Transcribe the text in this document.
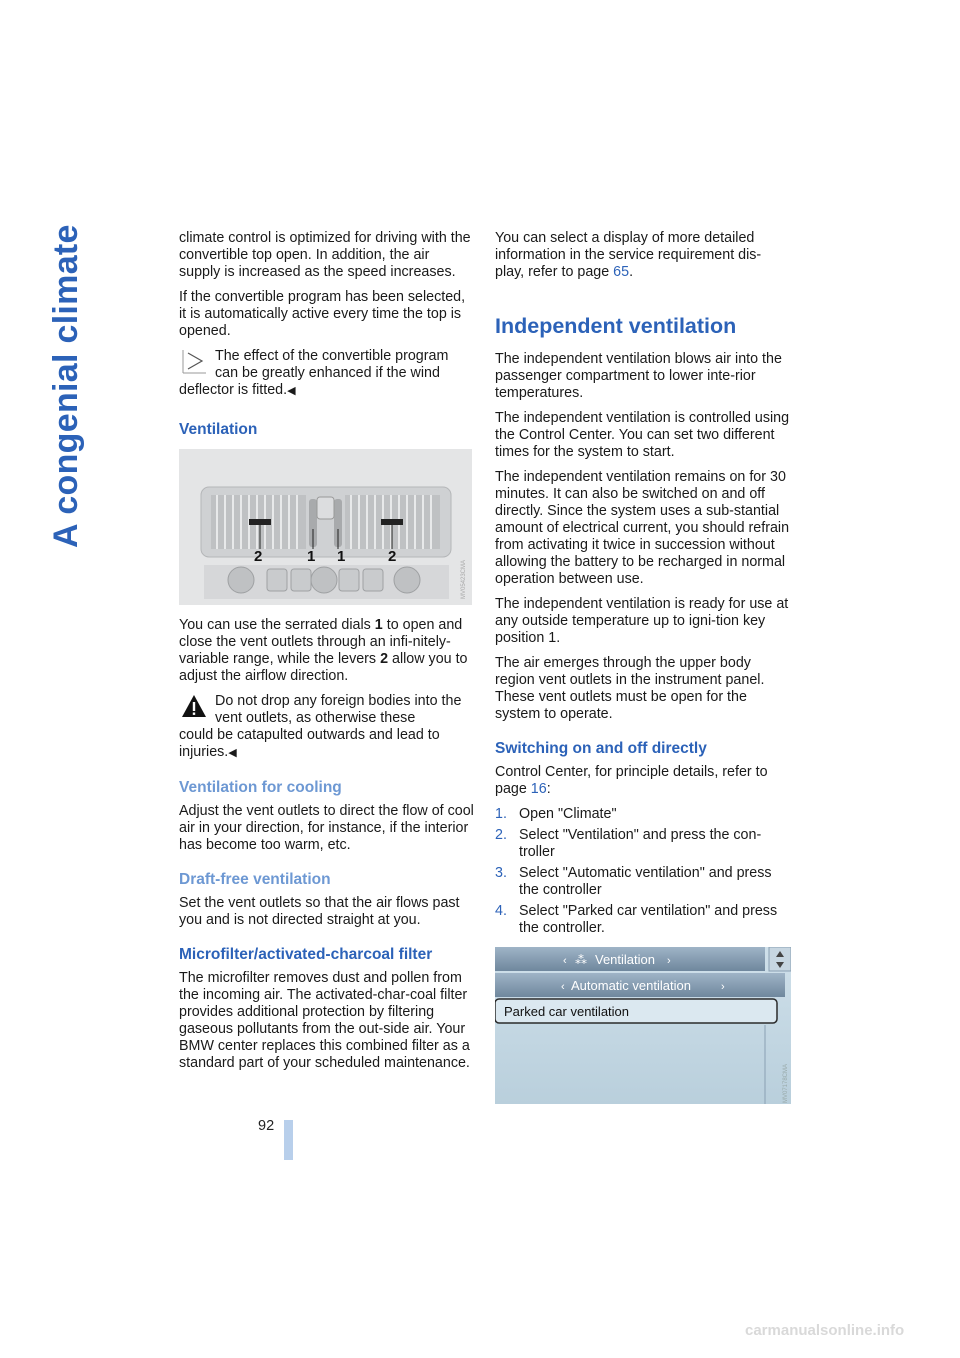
A congenial climate
92

climate control is optimized for driving with the convertible top open. In addition, the air supply is increased as the speed increases.

If the convertible program has been selected, it is automatically active every time the top is opened.

The effect of the convertible program can be greatly enhanced if the wind
deflector is fitted.◀
Ventilation
2	1 1	2
MV05423CMA

You can use the serrated dials 1 to open and close the vent outlets through an infi-nitely-variable range, while the levers 2 allow you to adjust the airflow direction.

Do not drop any foreign bodies into the vent outlets, as otherwise these
could be catapulted outwards and lead to injuries.◀
Ventilation for cooling

Adjust the vent outlets to direct the flow of cool air in your direction, for instance, if the interior has become too warm, etc.

Draft-free ventilation

Set the vent outlets so that the air flows past you and is not directed straight at you.

Microfilter/activated-charcoal filter

The microfilter removes dust and pollen from the incoming air. The activated-char-coal filter provides additional protection by filtering gaseous pollutants from the out-side air. Your BMW center replaces this combined filter as a standard part of your scheduled maintenance.

You can select a display of more detailed information in the service requirement dis-play, refer to page 65.

Independent ventilation

The independent ventilation blows air into the passenger compartment to lower inte-rior temperatures.

The independent ventilation is controlled using the Control Center. You can set two different times for the system to start.

The independent ventilation remains on for 30 minutes. It can also be switched on and off directly. Since the system uses a sub-stantial amount of electrical current, you should refrain from activating it twice in succession without allowing the battery to be recharged in normal operation between use.

The independent ventilation is ready for use at any outside temperature up to igni-tion key position 1.

The air emerges through the upper body region vent outlets in the instrument panel. These vent outlets must be open for the system to operate.

Switching on and off directly

Control Center, for principle details, refer to page 16:

1. Open "Climate"
2. Select "Ventilation" and press the con-troller
3. Select "Automatic ventilation" and press the controller
4. Select "Parked car ventilation" and press the controller.
‹ ⁂ Ventilation ›
‹ Automatic ventilation	›
Parked car ventilation
MV07178CMA
carmanualsonline.info
